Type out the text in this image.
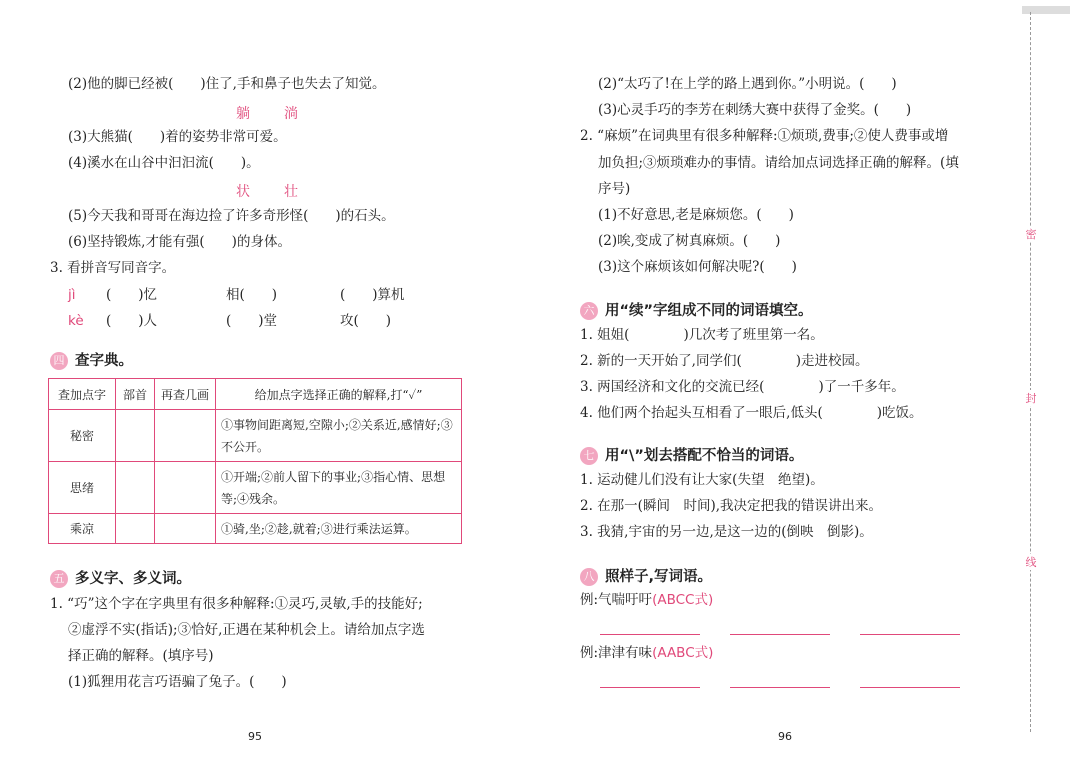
(2)他的脚已经被(　　)住了,手和鼻子也失去了知觉。
躺　淌
(3)大熊猫(　　)着的姿势非常可爱。
(4)溪水在山谷中汩汩流(　　)。
状　壮
(5)今天我和哥哥在海边捡了许多奇形怪(　　)的石头。
(6)坚持锻炼,才能有强(　　)的身体。
3. 看拼音写同音字。
jì (　　)忆	相(　　)	(　　)算机
kè (　　)人	(　　)堂	攻(　　)
四 查字典。
查加点字	部首	再查几画	给加点字选择正确的解释,打“✓”
秘密			①事物间距离短,空隙小;②关系近,感情好;③不公开。
思绪			①开端;②前人留下的事业;③指心情、思想等;④残余。
乘凉			①骑,坐;②趁,就着;③进行乘法运算。
五 多义字、多义词。
1. “巧”这个字在字典里有很多种解释:①灵巧,灵敏,手的技能好;
②虚浮不实(指话);③恰好,正遇在某种机会上。请给加点字选
择正确的解释。(填序号)
(1)狐狸用花言巧语骗了兔子。(　　)
95
(2)“太巧了!在上学的路上遇到你。”小明说。(　　)
(3)心灵手巧的李芳在刺绣大赛中获得了金奖。(　　)
2. “麻烦”在词典里有很多种解释:①烦琐,费事;②使人费事或增
加负担;③烦琐难办的事情。请给加点词选择正确的解释。(填
序号)
(1)不好意思,老是麻烦您。(　　)
(2)唉,变成了树真麻烦。(　　)
(3)这个麻烦该如何解决呢?(　　)
六 用“续”字组成不同的词语填空。
1. 姐姐(　　　　)几次考了班里第一名。
2. 新的一天开始了,同学们(　　　　)走进校园。
3. 两国经济和文化的交流已经(　　　　)了一千多年。
4. 他们两个抬起头互相看了一眼后,低头(　　　　)吃饭。
七 用“\”划去搭配不恰当的词语。
1. 运动健儿们没有让大家(失望　绝望)。
2. 在那一(瞬间　时间),我决定把我的错误讲出来。
3. 我猜,宇宙的另一边,是这一边的(倒映　倒影)。
八 照样子,写词语。
例:气喘吁吁(ABCC式)
例:津津有味(AABC式)
96
密
封
线
